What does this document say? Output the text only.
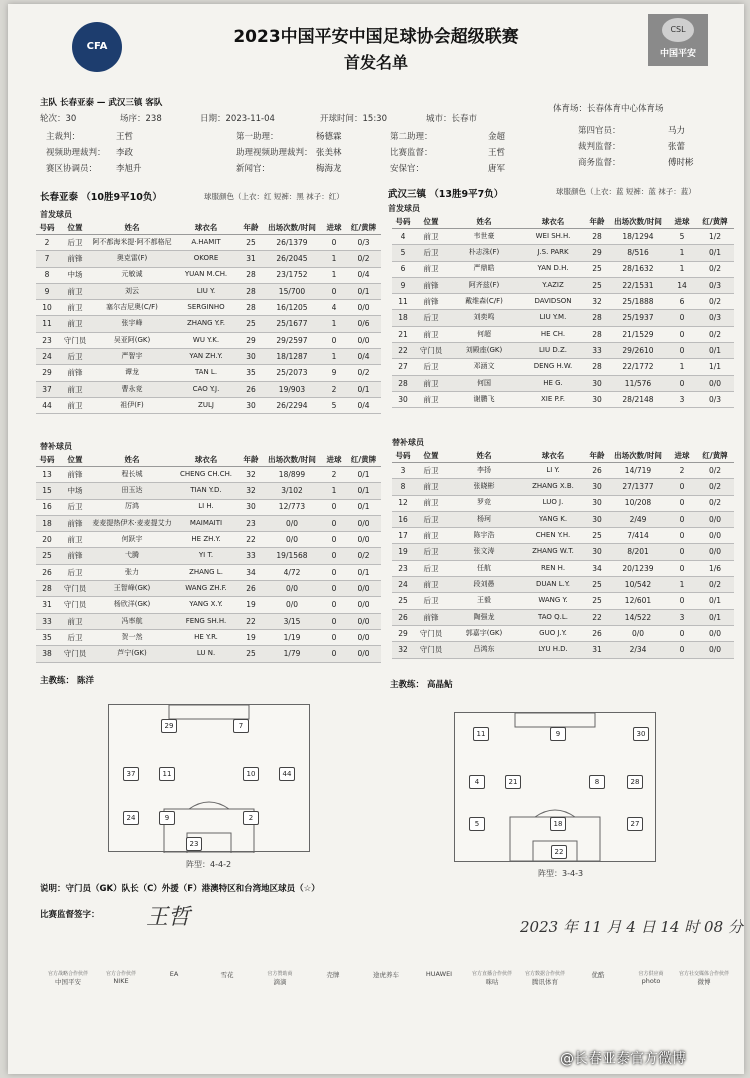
CFA	2023中国平安中国足球协会超级联赛
首发名单
CSL
中国平安
主队 长春亚泰 — 武汉三镇 客队
轮次：30	场序：238	日期：2023-11-04	开球时间：15:30	城市：长春市
体育场：长春体育中心体育场
主裁判：	王哲
视频助理裁判： 李政
赛区协调员： 李旭升
第一助理：	杨德霖
助理视频助理裁判： 张美林
新闻官：	梅海龙
第二助理：	金超
比赛监督：	王哲
安保官：	唐军
第四官员：	马力
裁判监督：	张蕾
商务监督：	傅时彬
长春亚泰 （10胜9平10负）	球服颜色（上衣：红 短裤：黑 袜子：红）	武汉三镇 （13胜9平7负）	球服颜色（上衣：蓝 短裤：蓝 袜子：蓝）
首发球员
首发球员
号码	位置	姓名	球衣名	年龄	出场次数/时间	进球	红/黄牌
2	后卫	阿不都海米提·阿不都格尼	A.HAMIT	25	26/1379	0	0/3
7	前锋	奥克雷(F)	OKORE	31	26/2045	1	0/2
8	中场	元敏诚	YUAN M.CH.	28	23/1752	1	0/4
9	前卫	刘云	LIU Y.	28	15/700	0	0/1
10	前卫	塞尔吉尼奥(C/F)	SERGINHO	28	16/1205	4	0/0
11	前卫	张宇峰	ZHANG Y.F.	25	25/1677	1	0/6
23	守门员	吴亚阿(GK)	WU Y.K.	29	29/2597	0	0/0
24	后卫	严智宇	YAN ZH.Y.	30	18/1287	1	0/4
29	前锋	谭龙	TAN L.	35	25/2073	9	0/2
37	前卫	曹永竞	CAO Y.J.	26	19/903	2	0/1
44	前卫	祖伊(F)	ZULJ	30	26/2294	5	0/4
号码	位置	姓名	球衣名	年龄	出场次数/时间	进球	红/黄牌
4	前卫	韦世豪	WEI SH.H.	28	18/1294	5	1/2
5	后卫	朴志洙(F)	J.S. PARK	29	8/516	1	0/1
6	前卫	严鼎皓	YAN D.H.	25	28/1632	1	0/2
9	前锋	阿齐兹(F)	Y.AZIZ	25	22/1531	14	0/3
11	前锋	戴维森(C/F)	DAVIDSON	32	25/1888	6	0/2
18	后卫	刘奕鸣	LIU Y.M.	28	25/1937	0	0/3
21	前卫	何超	HE CH.	28	21/1529	0	0/2
22	守门员	刘殿座(GK)	LIU D.Z.	33	29/2610	0	0/1
27	后卫	邓涵文	DENG H.W.	28	22/1772	1	1/1
28	前卫	何国	HE G.	30	11/576	0	0/0
30	前卫	谢鹏飞	XIE P.F.	30	28/2148	3	0/3
替补球员	替补球员
号码	位置	姓名	球衣名	年龄	出场次数/时间	进球	红/黄牌
13	前锋	程长城	CHENG CH.CH.	32	18/899	2	0/1
15	中场	田玉达	TIAN Y.D.	32	3/102	1	0/1
16	后卫	厉鸿	LI H.	30	12/773	0	0/1
18	前锋	麦麦提热伊木·麦麦提艾力	MAIMAITI	23	0/0	0	0/0
20	前卫	何跃宇	HE ZH.Y.	22	0/0	0	0/0
25	前锋	弋腾	YI T.	33	19/1568	0	0/2
26	后卫	张力	ZHANG L.	34	4/72	0	0/1
28	守门员	王智峰(GK)	WANG ZH.F.	26	0/0	0	0/0
31	守门员	杨欣洋(GK)	YANG X.Y.	19	0/0	0	0/0
33	前卫	冯率航	FENG SH.H.	22	3/15	0	0/0
35	后卫	贺一然	HE Y.R.	19	1/19	0	0/0
38	守门员	芦宁(GK)	LU N.	25	1/79	0	0/0
号码	位置	姓名	球衣名	年龄	出场次数/时间	进球	红/黄牌
3	后卫	李扬	LI Y.	26	14/719	2	0/2
8	前卫	张晓彬	ZHANG X.B.	30	27/1377	0	0/2
12	前卫	罗竞	LUO J.	30	10/208	0	0/2
16	后卫	杨珂	YANG K.	30	2/49	0	0/0
17	前卫	陈宇浩	CHEN Y.H.	25	7/414	0	0/0
19	后卫	张文涛	ZHANG W.T.	30	8/201	0	0/0
23	后卫	任航	REN H.	34	20/1239	0	1/6
24	前卫	段刘愚	DUAN L.Y.	25	10/542	1	0/2
25	后卫	王毅	WANG Y.	25	12/601	0	0/1
26	前锋	陶强龙	TAO Q.L.	22	14/522	3	0/1
29	守门员	郭嘉宇(GK)	GUO J.Y.	26	0/0	0	0/0
32	守门员	吕鸿东	LYU H.D.	31	2/34	0	0/0
主教练： 陈洋	主教练： 高晶鲇
29	7
37	11	10	44
24	9	2
23
11	9	30
4	21	8	28
5	18	27
22
阵型：4-4-2
阵型：3-4-3
说明：守门员（GK）队长（C）外援（F）港澳特区和台湾地区球员（☆）
比赛监督签字： 王哲	2023 年 11 月 4 日 14 时 08 分
官方战略合作伙伴
中国平安
官方合作伙伴
NIKE
EA	雪花	官方赞助商
滴滴
壳牌	途虎养车	HUAWEI	官方直播合作伙伴
咪咕
官方数据合作伙伴
腾讯体育
优酷	官方供应商
photo
官方社交媒体合作伙伴
微博
@长春亚泰官方微博
